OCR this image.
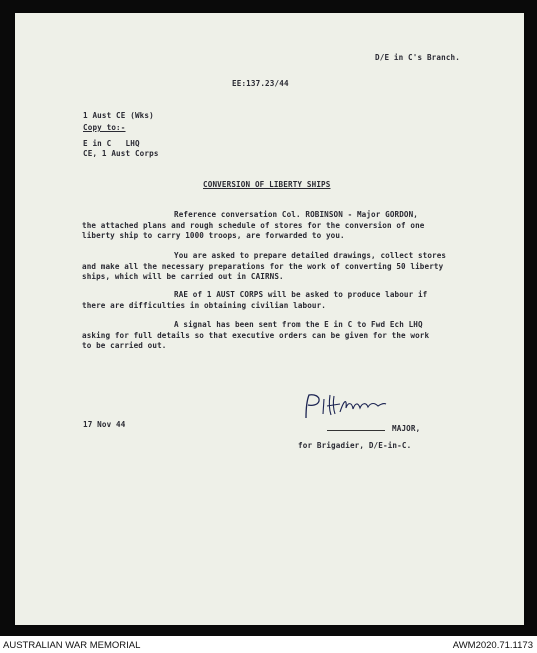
D/E in C's Branch.
EE:137.23/44
1 Aust CE (Wks)
Copy to:-
E in C   LHQ
CE, 1 Aust Corps
CONVERSION OF LIBERTY SHIPS
Reference conversation Col. ROBINSON - Major GORDON,
the attached plans and rough schedule of stores for the conversion of one
liberty ship to carry 1000 troops, are forwarded to you.
You are asked to prepare detailed drawings, collect stores
and make all the necessary preparations for the work of converting 50 liberty
ships, which will be carried out in CAIRNS.
RAE of 1 AUST CORPS will be asked to produce labour if
there are difficulties in obtaining civilian labour.
A signal has been sent from the E in C to Fwd Ech LHQ
asking for full details so that executive orders can be given for the work
to be carried out.
17 Nov 44	MAJOR,
for Brigadier, D/E-in-C.
AUSTRALIAN WAR MEMORIAL	AWM2020.71.1173
